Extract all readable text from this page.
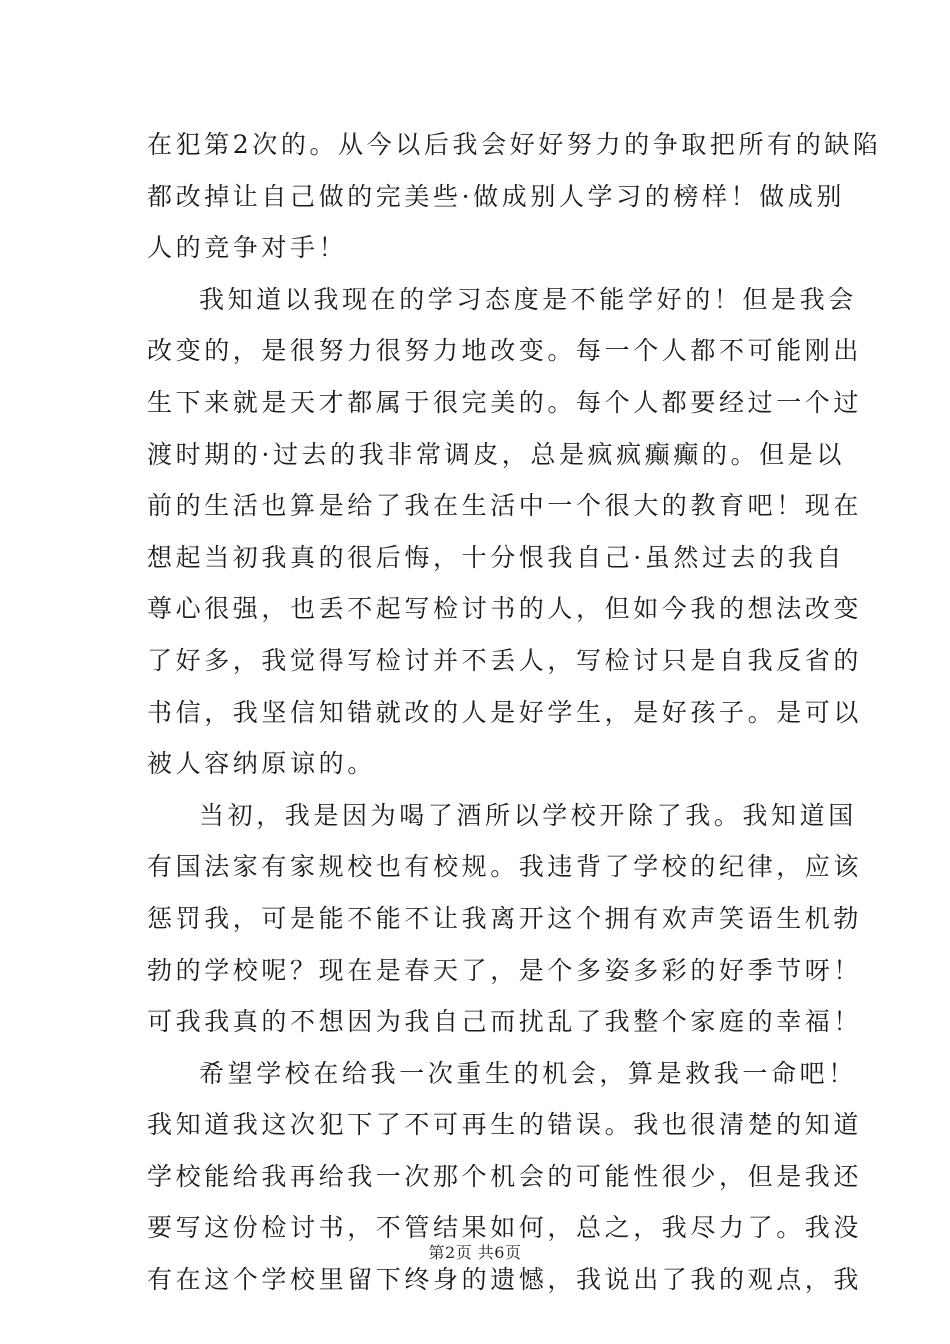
在犯第2次的。从今以后我会好好努力的争取把所有的缺陷
都改掉让自己做的完美些·做成别人学习的榜样！做成别
人的竞争对手！
我知道以我现在的学习态度是不能学好的！但是我会
改变的，是很努力很努力地改变。每一个人都不可能刚出
生下来就是天才都属于很完美的。每个人都要经过一个过
渡时期的·过去的我非常调皮，总是疯疯癫癫的。但是以
前的生活也算是给了我在生活中一个很大的教育吧！现在
想起当初我真的很后悔，十分恨我自己·虽然过去的我自
尊心很强，也丢不起写检讨书的人，但如今我的想法改变
了好多，我觉得写检讨并不丢人，写检讨只是自我反省的
书信，我坚信知错就改的人是好学生，是好孩子。是可以
被人容纳原谅的。
当初，我是因为喝了酒所以学校开除了我。我知道国
有国法家有家规校也有校规。我违背了学校的纪律，应该
惩罚我，可是能不能不让我离开这个拥有欢声笑语生机勃
勃的学校呢？现在是春天了，是个多姿多彩的好季节呀！
可我我真的不想因为我自己而扰乱了我整个家庭的幸福！
希望学校在给我一次重生的机会，算是救我一命吧！
我知道我这次犯下了不可再生的错误。我也很清楚的知道
学校能给我再给我一次那个机会的可能性很少，但是我还
要写这份检讨书，不管结果如何，总之，我尽力了。我没
有在这个学校里留下终身的遗憾，我说出了我的观点，我
第2页 共6页
